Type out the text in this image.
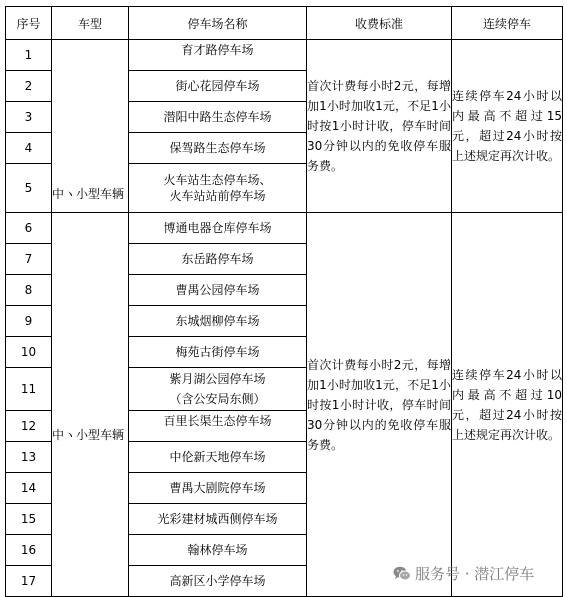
序号	车型	停车场名称	收费标准	连续停车
1	中ヽ小型车辆	育才路停车场	首次计费每小时2元，每增加1小时加收1元，不足1小时按1小时计收，停车时间30分钟以内的免收停车服务费。	连续停车24小时以内最高不超过15元，超过24小时按上述规定再次计收。
2		街心花园停车场		
3		潜阳中路生态停车场		
4		保驾路生态停车场		
5		火车站生态停车场、
火车站站前停车场		

6	中ヽ小型车辆	博通电器仓库停车场	首次计费每小时2元，每增加1小时加收1元，不足1小时按1小时计收，停车时间30分钟以内的免收停车服务费。	连续停车24小时以内最高不超过10元，超过24小时按上述规定再次计收。
7		东岳路停车场		
8		曹禺公园停车场		
9		东城烟柳停车场		
10		梅苑古街停车场		
11		紫月湖公园停车场
（含公安局东侧）		

12		百里长渠生态停车场		
13		中伦新天地停车场		
14		曹禺大剧院停车场		
15		光彩建材城西侧停车场		
16		翰林停车场		
17		高新区小学停车场			服务号 · 潜江停车
